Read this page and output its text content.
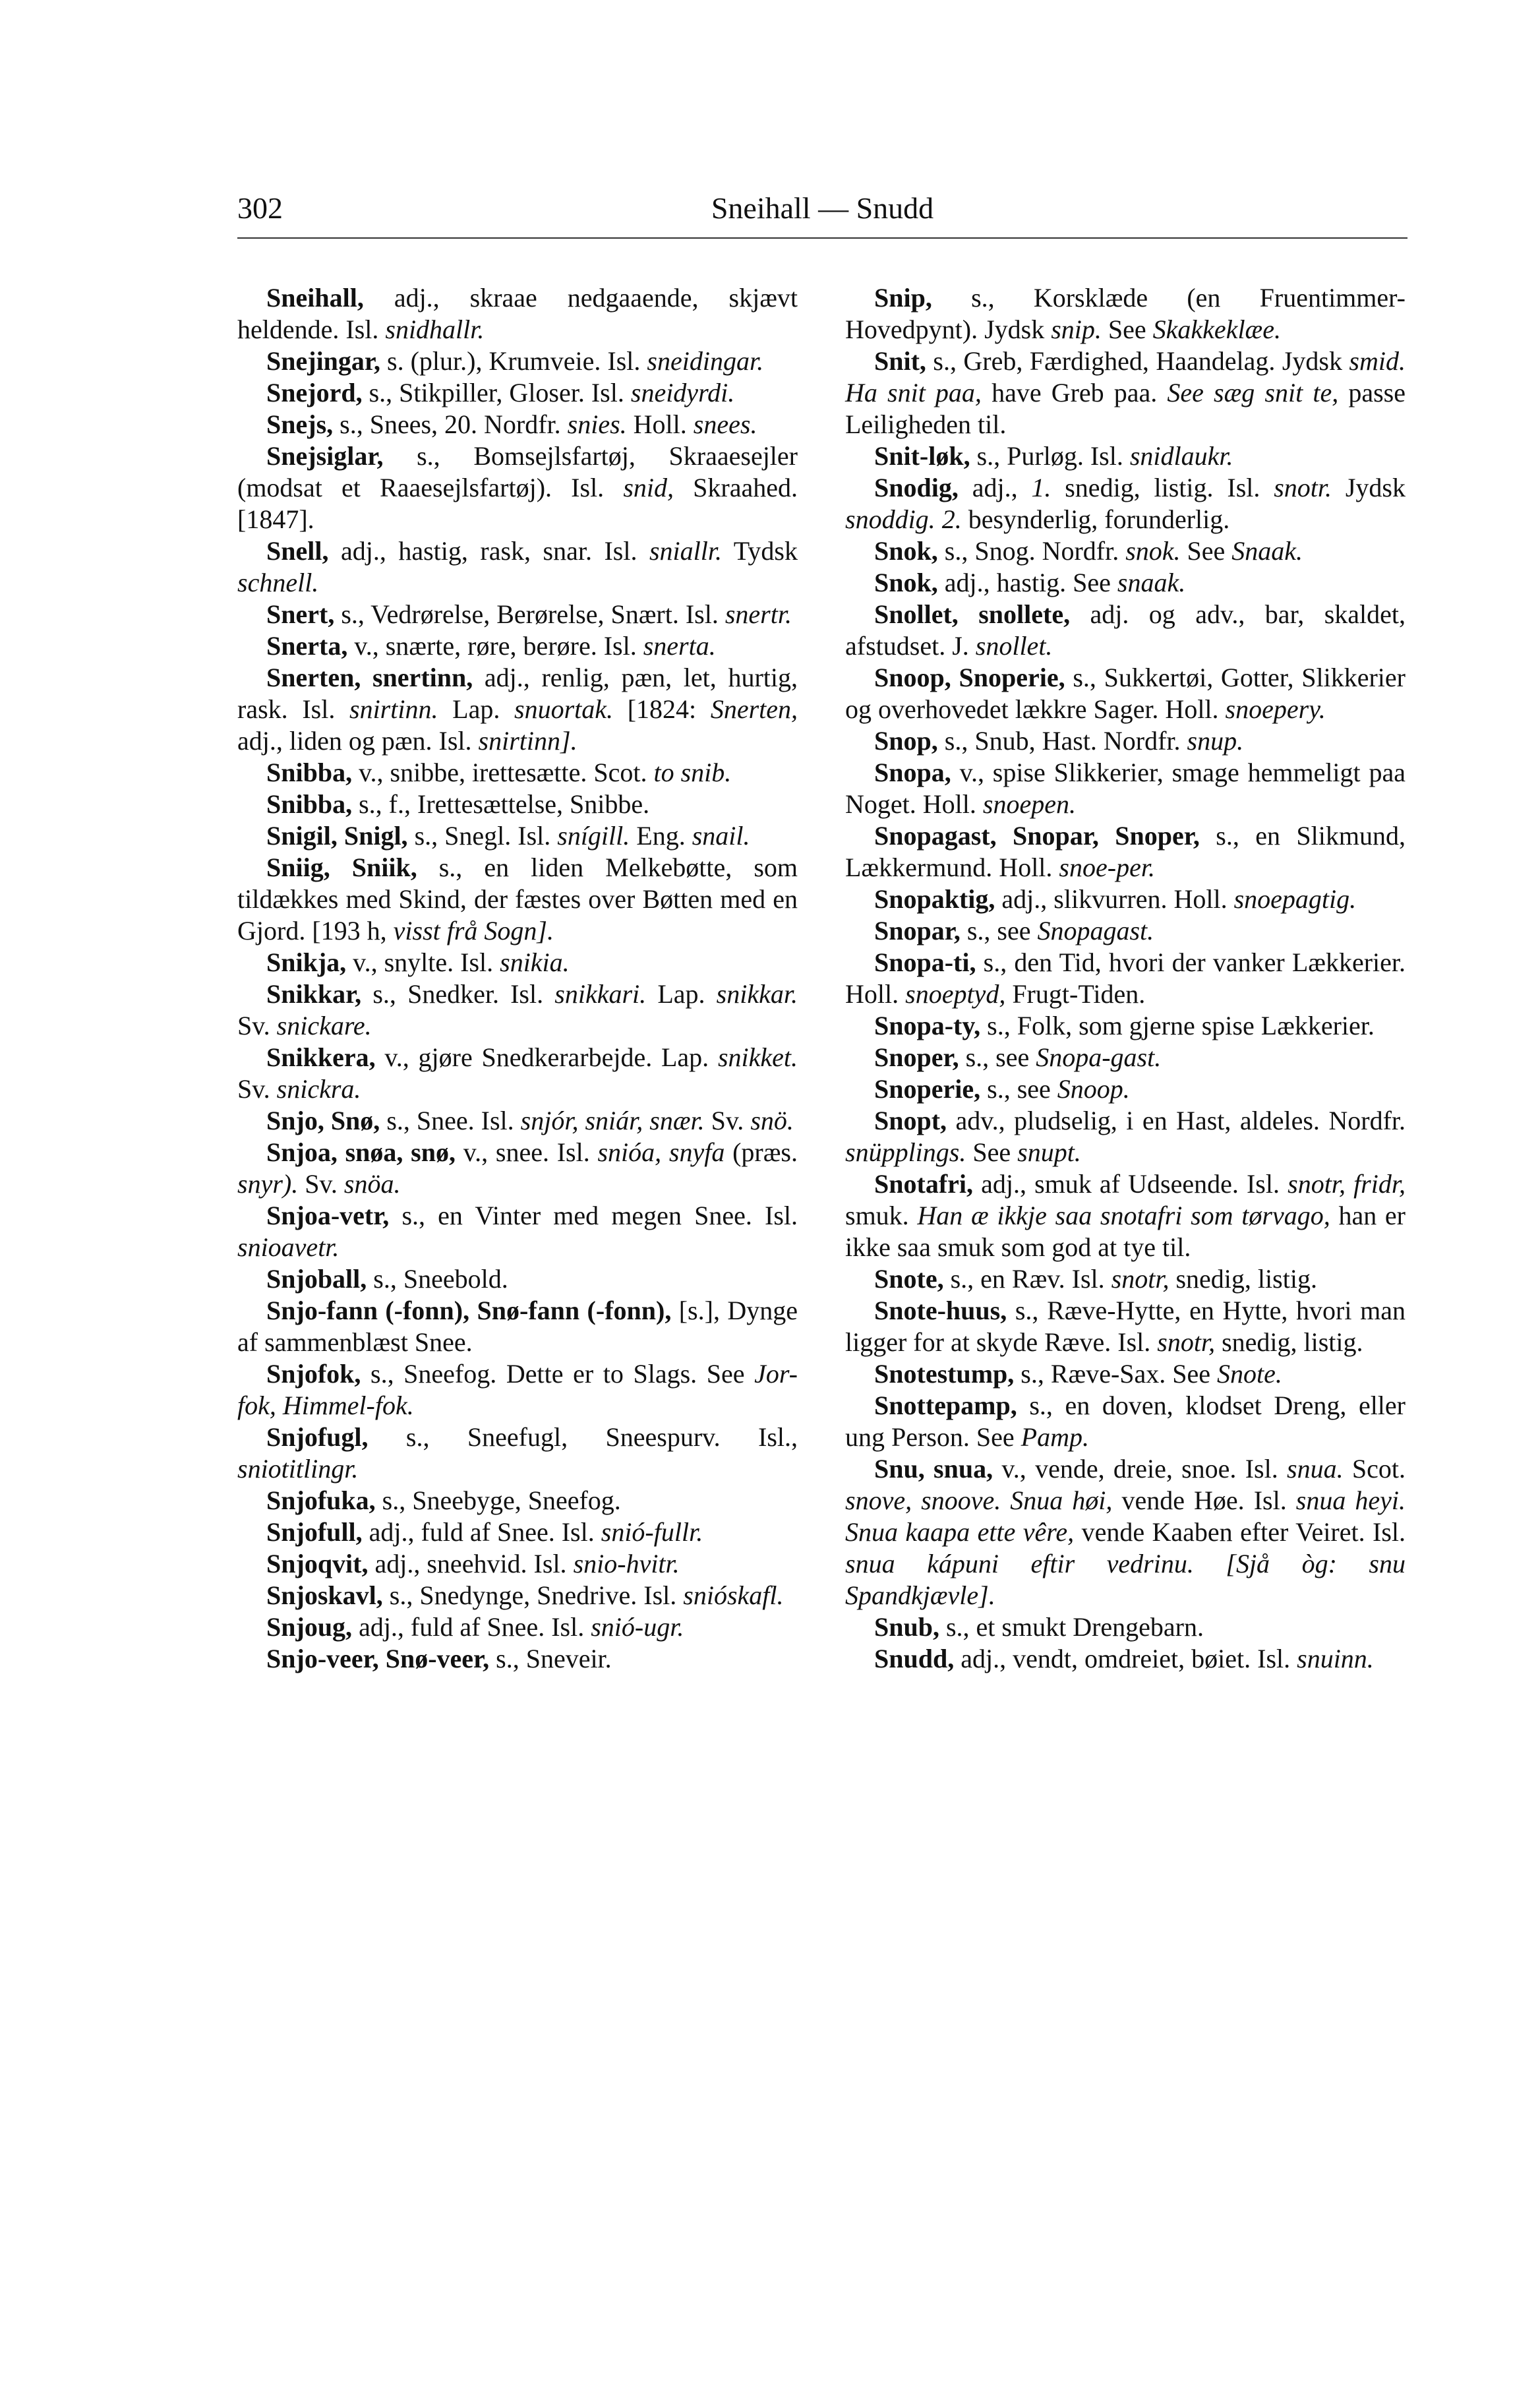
302	Sneihall — Snudd

Sneihall, adj., skraae nedgaaende, skjævt heldende. Isl. snidhallr.

Snejingar, s. (plur.), Krumveie. Isl. sneidingar.

Snejord, s., Stikpiller, Gloser. Isl. sneidyrdi.

Snejs, s., Snees, 20. Nordfr. snies. Holl. snees.

Snejsiglar, s., Bomsejlsfartøj, Skraaesejler (modsat et Raaesejlsfartøj). Isl. snid, Skraahed. [1847].

Snell, adj., hastig, rask, snar. Isl. sniallr. Tydsk schnell.

Snert, s., Vedrørelse, Berørelse, Snært. Isl. snertr.

Snerta, v., snærte, røre, berøre. Isl. snerta.

Snerten, snertinn, adj., renlig, pæn, let, hurtig, rask. Isl. snirtinn. Lap. snuortak. [1824: Snerten, adj., liden og pæn. Isl. snirtinn].

Snibba, v., snibbe, irettesætte. Scot. to snib.

Snibba, s., f., Irettesættelse, Snibbe.

Snigil, Snigl, s., Snegl. Isl. snígill. Eng. snail.

Sniig, Sniik, s., en liden Melkebøtte, som tildækkes med Skind, der fæstes over Bøtten med en Gjord. [193 h, visst frå Sogn].

Snikja, v., snylte. Isl. snikia.

Snikkar, s., Snedker. Isl. snikkari. Lap. snikkar. Sv. snickare.

Snikkera, v., gjøre Snedkerarbejde. Lap. snikket. Sv. snickra.

Snjo, Snø, s., Snee. Isl. snjór, sniár, snær. Sv. snö.

Snjoa, snøa, snø, v., snee. Isl. snióa, snyfa (præs. snyr). Sv. snöa.

Snjoa-vetr, s., en Vinter med megen Snee. Isl. snioavetr.

Snjoball, s., Sneebold.

Snjo-fann (-fonn), Snø-fann (-fonn), [s.], Dynge af sammenblæst Snee.

Snjofok, s., Sneefog. Dette er to Slags. See Jor-fok, Himmel-fok.

Snjofugl, s., Sneefugl, Sneespurv. Isl., sniotitlingr.

Snjofuka, s., Sneebyge, Sneefog.

Snjofull, adj., fuld af Snee. Isl. snió-fullr.

Snjoqvit, adj., sneehvid. Isl. snio-hvitr.

Snjoskavl, s., Snedynge, Snedrive. Isl. snióskafl.

Snjoug, adj., fuld af Snee. Isl. snió-ugr.

Snjo-veer, Snø-veer, s., Sneveir.

Snip, s., Korsklæde (en Fruentimmer-Hovedpynt). Jydsk snip. See Skakkeklæe.

Snit, s., Greb, Færdighed, Haandelag. Jydsk smid. Ha snit paa, have Greb paa. See sæg snit te, passe Leiligheden til.

Snit-løk, s., Purløg. Isl. snidlaukr.

Snodig, adj., 1. snedig, listig. Isl. snotr. Jydsk snoddig. 2. besynderlig, forunderlig.

Snok, s., Snog. Nordfr. snok. See Snaak.

Snok, adj., hastig. See snaak.

Snollet, snollete, adj. og adv., bar, skaldet, afstudset. J. snollet.

Snoop, Snoperie, s., Sukkertøi, Gotter, Slikkerier og overhovedet lækkre Sager. Holl. snoepery.

Snop, s., Snub, Hast. Nordfr. snup.

Snopa, v., spise Slikkerier, smage hemmeligt paa Noget. Holl. snoepen.

Snopagast, Snopar, Snoper, s., en Slikmund, Lækkermund. Holl. snoe-per.

Snopaktig, adj., slikvurren. Holl. snoepagtig.

Snopar, s., see Snopagast.

Snopa-ti, s., den Tid, hvori der vanker Lækkerier. Holl. snoeptyd, Frugt-Tiden.

Snopa-ty, s., Folk, som gjerne spise Lækkerier.

Snoper, s., see Snopa-gast.

Snoperie, s., see Snoop.

Snopt, adv., pludselig, i en Hast, aldeles. Nordfr. snüpplings. See snupt.

Snotafri, adj., smuk af Udseende. Isl. snotr, fridr, smuk. Han æ ikkje saa snotafri som tørvago, han er ikke saa smuk som god at tye til.

Snote, s., en Ræv. Isl. snotr, snedig, listig.

Snote-huus, s., Ræve-Hytte, en Hytte, hvori man ligger for at skyde Ræve. Isl. snotr, snedig, listig.

Snotestump, s., Ræve-Sax. See Snote.

Snottepamp, s., en doven, klodset Dreng, eller ung Person. See Pamp.

Snu, snua, v., vende, dreie, snoe. Isl. snua. Scot. snove, snoove. Snua høi, vende Høe. Isl. snua heyi. Snua kaapa ette vêre, vende Kaaben efter Veiret. Isl. snua kápuni eftir vedrinu. [Sjå òg: snu Spandkjævle].

Snub, s., et smukt Drengebarn.

Snudd, adj., vendt, omdreiet, bøiet. Isl. snuinn.
